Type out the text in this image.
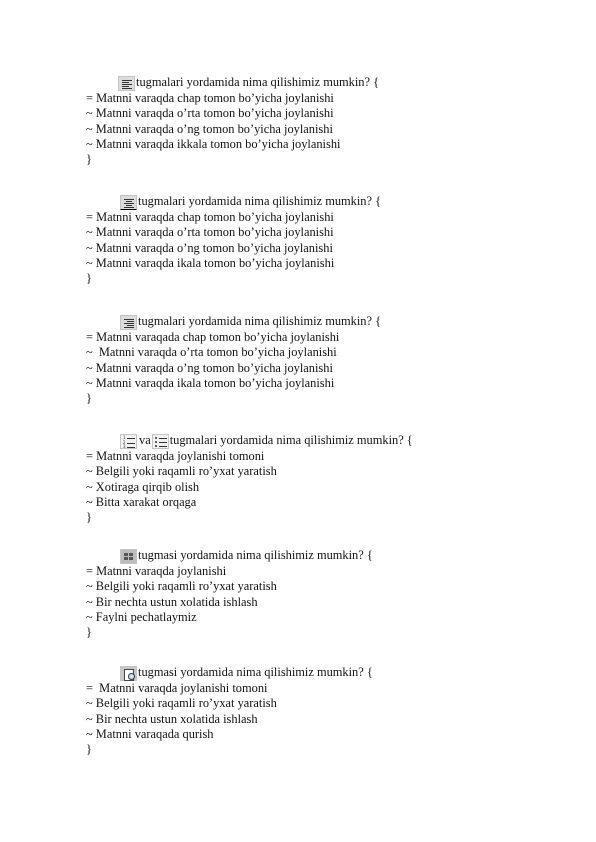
tugmalari yordamida nima qilishimiz mumkin? {
= Matnni varaqda chap tomon bo’yicha joylanishi
~ Matnni varaqda o’rta tomon bo’yicha joylanishi
~ Matnni varaqda o’ng tomon bo’yicha joylanishi
~ Matnni varaqda ikkala tomon bo’yicha joylanishi
}
tugmalari yordamida nima qilishimiz mumkin? {
= Matnni varaqda chap tomon bo’yicha joylanishi
~ Matnni varaqda o’rta tomon bo’yicha joylanishi
~ Matnni varaqda o’ng tomon bo’yicha joylanishi
~ Matnni varaqda ikala tomon bo’yicha joylanishi
}
tugmalari yordamida nima qilishimiz mumkin? {
= Matnni varaqada chap tomon bo’yicha joylanishi
~  Matnni varaqda o’rta tomon bo’yicha joylanishi
~ Matnni varaqda o’ng tomon bo’yicha joylanishi
~ Matnni varaqda ikala tomon bo’yicha joylanishi
}
1
2
3 va tugmalari yordamida nima qilishimiz mumkin? {
= Matnni varaqda joylanishi tomoni
~ Belgili yoki raqamli ro’yxat yaratish
~ Xotiraga qirqib olish
~ Bitta xarakat orqaga
}
tugmasi yordamida nima qilishimiz mumkin? {
= Matnni varaqda joylanishi
~ Belgili yoki raqamli ro’yxat yaratish
~ Bir nechta ustun xolatida ishlash
~ Faylni pechatlaymiz
}
tugmasi yordamida nima qilishimiz mumkin? {
=  Matnni varaqda joylanishi tomoni
~ Belgili yoki raqamli ro’yxat yaratish
~ Bir nechta ustun xolatida ishlash
~ Matnni varaqada qurish
}
